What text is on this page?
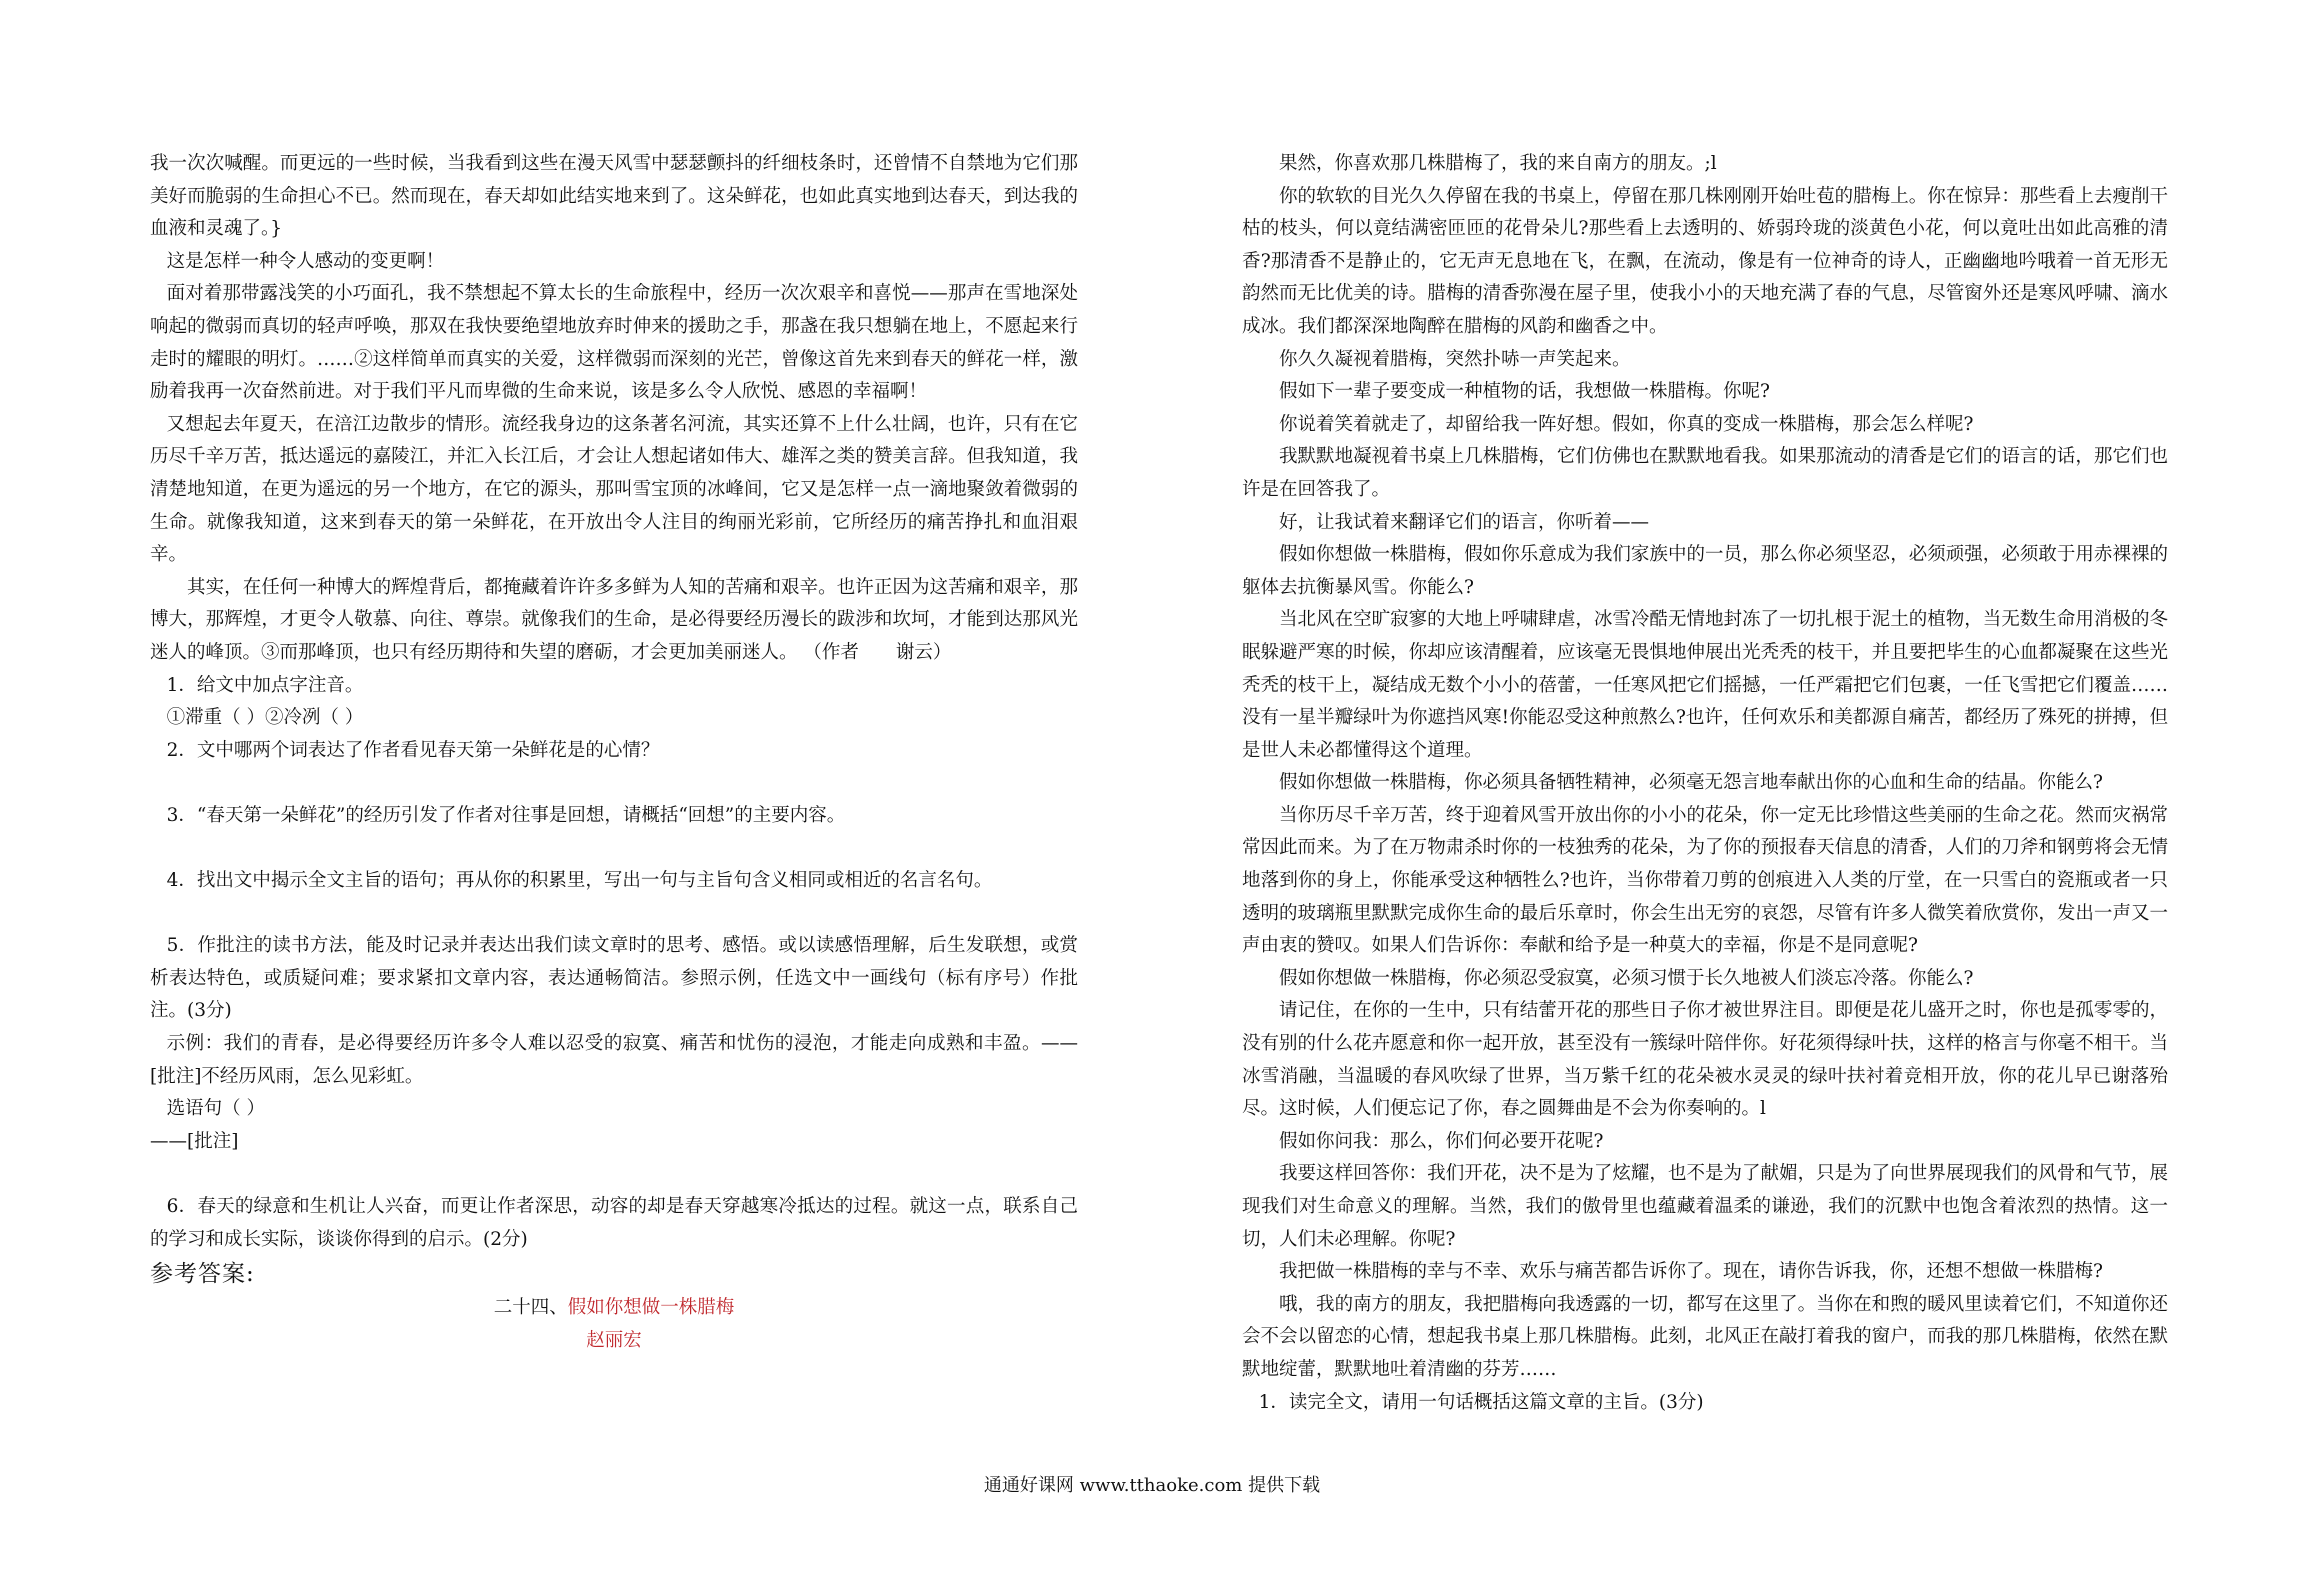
我一次次喊醒。而更远的一些时候，当我看到这些在漫天风雪中瑟瑟颤抖的纤细枝条时，还曾情不自禁地为它们那美好而脆弱的生命担心不已。然而现在，春天却如此结实地来到了。这朵鲜花，也如此真实地到达春天，到达我的血液和灵魂了。}

这是怎样一种令人感动的变更啊！

面对着那带露浅笑的小巧面孔，我不禁想起不算太长的生命旅程中，经历一次次艰辛和喜悦——那声在雪地深处响起的微弱而真切的轻声呼唤，那双在我快要绝望地放弃时伸来的援助之手，那盏在我只想躺在地上，不愿起来行走时的耀眼的明灯。……②这样简单而真实的关爱，这样微弱而深刻的光芒，曾像这首先来到春天的鲜花一样，激励着我再一次奋然前进。对于我们平凡而卑微的生命来说，该是多么令人欣悦、感恩的幸福啊！

又想起去年夏天，在涪江边散步的情形。流经我身边的这条著名河流，其实还算不上什么壮阔，也许，只有在它历尽千辛万苦，抵达遥远的嘉陵江，并汇入长江后，才会让人想起诸如伟大、雄浑之类的赞美言辞。但我知道，我清楚地知道，在更为遥远的另一个地方，在它的源头，那叫雪宝顶的冰峰间，它又是怎样一点一滴地聚敛着微弱的生命。就像我知道，这来到春天的第一朵鲜花，在开放出令人注目的绚丽光彩前，它所经历的痛苦挣扎和血泪艰辛。

其实，在任何一种博大的辉煌背后，都掩藏着许许多多鲜为人知的苦痛和艰辛。也许正因为这苦痛和艰辛，那博大，那辉煌，才更令人敬慕、向往、尊崇。就像我们的生命，是必得要经历漫长的跋涉和坎坷，才能到达那风光迷人的峰顶。③而那峰顶，也只有经历期待和失望的磨砺，才会更加美丽迷人。 （作者　　谢云）

1．给文中加点字注音。

①滞重（ ）②冷冽（ ）

2．文中哪两个词表达了作者看见春天第一朵鲜花是的心情？

3．“春天第一朵鲜花”的经历引发了作者对往事是回想，请概括“回想”的主要内容。

4．找出文中揭示全文主旨的语句；再从你的积累里，写出一句与主旨句含义相同或相近的名言名句。

5．作批注的读书方法，能及时记录并表达出我们读文章时的思考、感悟。或以读感悟理解，后生发联想，或赏析表达特色，或质疑问难；要求紧扣文章内容，表达通畅简洁。参照示例，任选文中一画线句（标有序号）作批注。(3分)

示例：我们的青春，是必得要经历许多令人难以忍受的寂寞、痛苦和忧伤的浸泡，才能走向成熟和丰盈。——[批注]不经历风雨，怎么见彩虹。

选语句（ ）

——[批注]

6．春天的绿意和生机让人兴奋，而更让作者深思，动容的却是春天穿越寒冷抵达的过程。就这一点，联系自己的学习和成长实际，谈谈你得到的启示。(2分)

参考答案:

二十四、假如你想做一株腊梅

赵丽宏

果然，你喜欢那几株腊梅了，我的来自南方的朋友。;l

你的软软的目光久久停留在我的书桌上，停留在那几株刚刚开始吐苞的腊梅上。你在惊异：那些看上去瘦削干枯的枝头，何以竟结满密匝匝的花骨朵儿?那些看上去透明的、娇弱玲珑的淡黄色小花，何以竟吐出如此高雅的清香?那清香不是静止的，它无声无息地在飞，在飘，在流动，像是有一位神奇的诗人，正幽幽地吟哦着一首无形无韵然而无比优美的诗。腊梅的清香弥漫在屋子里，使我小小的天地充满了春的气息，尽管窗外还是寒风呼啸、滴水成冰。我们都深深地陶醉在腊梅的风韵和幽香之中。

你久久凝视着腊梅，突然扑哧一声笑起来。

假如下一辈子要变成一种植物的话，我想做一株腊梅。你呢?

你说着笑着就走了，却留给我一阵好想。假如，你真的变成一株腊梅，那会怎么样呢?

我默默地凝视着书桌上几株腊梅，它们仿佛也在默默地看我。如果那流动的清香是它们的语言的话，那它们也许是在回答我了。

好，让我试着来翻译它们的语言，你听着——

假如你想做一株腊梅，假如你乐意成为我们家族中的一员，那么你必须坚忍，必须顽强，必须敢于用赤裸裸的躯体去抗衡暴风雪。你能么?

当北风在空旷寂寥的大地上呼啸肆虐，冰雪冷酷无情地封冻了一切扎根于泥土的植物，当无数生命用消极的冬眠躲避严寒的时候，你却应该清醒着，应该毫无畏惧地伸展出光秃秃的枝干，并且要把毕生的心血都凝聚在这些光秃秃的枝干上，凝结成无数个小小的蓓蕾，一任寒风把它们摇撼，一任严霜把它们包裹，一任飞雪把它们覆盖……没有一星半瓣绿叶为你遮挡风寒!你能忍受这种煎熬么?也许，任何欢乐和美都源自痛苦，都经历了殊死的拼搏，但是世人未必都懂得这个道理。

假如你想做一株腊梅，你必须具备牺牲精神，必须毫无怨言地奉献出你的心血和生命的结晶。你能么?

当你历尽千辛万苦，终于迎着风雪开放出你的小小的花朵，你一定无比珍惜这些美丽的生命之花。然而灾祸常常因此而来。为了在万物肃杀时你的一枝独秀的花朵，为了你的预报春天信息的清香，人们的刀斧和钢剪将会无情地落到你的身上，你能承受这种牺牲么?也许，当你带着刀剪的创痕进入人类的厅堂，在一只雪白的瓷瓶或者一只透明的玻璃瓶里默默完成你生命的最后乐章时，你会生出无穷的哀怨，尽管有许多人微笑着欣赏你，发出一声又一声由衷的赞叹。如果人们告诉你：奉献和给予是一种莫大的幸福，你是不是同意呢?

假如你想做一株腊梅，你必须忍受寂寞，必须习惯于长久地被人们淡忘冷落。你能么?

请记住，在你的一生中，只有结蕾开花的那些日子你才被世界注目。即便是花儿盛开之时，你也是孤零零的，没有别的什么花卉愿意和你一起开放，甚至没有一簇绿叶陪伴你。好花须得绿叶扶，这样的格言与你毫不相干。当冰雪消融，当温暖的春风吹绿了世界，当万紫千红的花朵被水灵灵的绿叶扶衬着竞相开放，你的花儿早已谢落殆尽。这时候，人们便忘记了你，春之圆舞曲是不会为你奏响的。l

假如你问我：那么，你们何必要开花呢?

我要这样回答你：我们开花，决不是为了炫耀，也不是为了献媚，只是为了向世界展现我们的风骨和气节，展现我们对生命意义的理解。当然，我们的傲骨里也蕴藏着温柔的谦逊，我们的沉默中也饱含着浓烈的热情。这一切，人们未必理解。你呢?

我把做一株腊梅的幸与不幸、欢乐与痛苦都告诉你了。现在，请你告诉我，你，还想不想做一株腊梅?

哦，我的南方的朋友，我把腊梅向我透露的一切，都写在这里了。当你在和煦的暖风里读着它们，不知道你还会不会以留恋的心情，想起我书桌上那几株腊梅。此刻，北风正在敲打着我的窗户，而我的那几株腊梅，依然在默默地绽蕾，默默地吐着清幽的芬芳……

1．读完全文，请用一句话概括这篇文章的主旨。(3分)

通通好课网 www.tthaoke.com 提供下载
